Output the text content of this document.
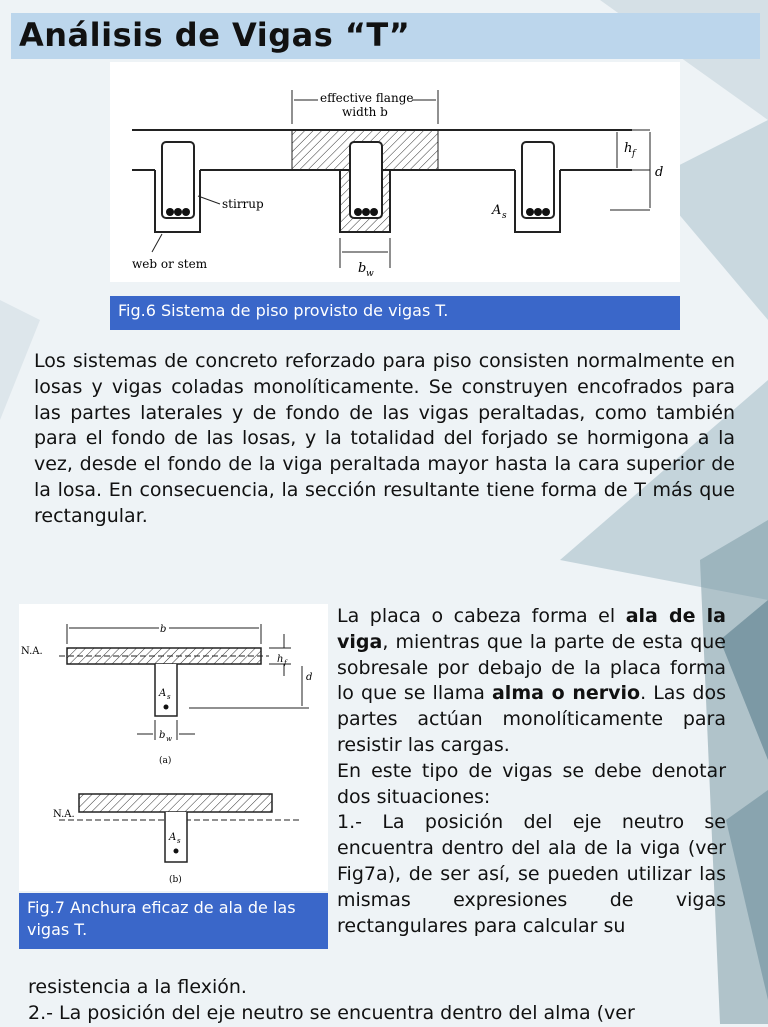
Análisis de Vigas “T”
effective flange
width b
h f
d
stirrup	A s
web or stem	b w
Fig.6 Sistema de piso provisto de vigas T.
Los sistemas de concreto reforzado para piso consisten normalmente en losas y vigas coladas monolíticamente. Se construyen encofrados para las partes laterales y de fondo de las vigas peraltadas, como también para el fondo de las losas, y la totalidad del forjado se hormigona a la vez, desde el fondo de la viga peraltada mayor hasta la cara superior de la losa. En consecuencia, la sección resultante tiene forma de T más que rectangular.
b
N.A.
A s
h f
d
b w
(a)
N.A.
A s
(b)
Fig.7 Anchura eficaz de ala de las vigas T.
La placa o cabeza forma el ala de la viga, mientras que la parte de esta que sobresale por debajo de la placa forma lo que se llama alma o nervio. Las dos partes actúan monolíticamente para resistir las cargas.
En este tipo de vigas se debe denotar dos situaciones:
1.- La posición del eje neutro se encuentra dentro del ala de la viga (ver Fig7a), de ser así, se pueden utilizar las mismas expresiones de vigas rectangulares para calcular su
resistencia a la flexión.
2.- La posición del eje neutro se encuentra dentro del alma (ver
